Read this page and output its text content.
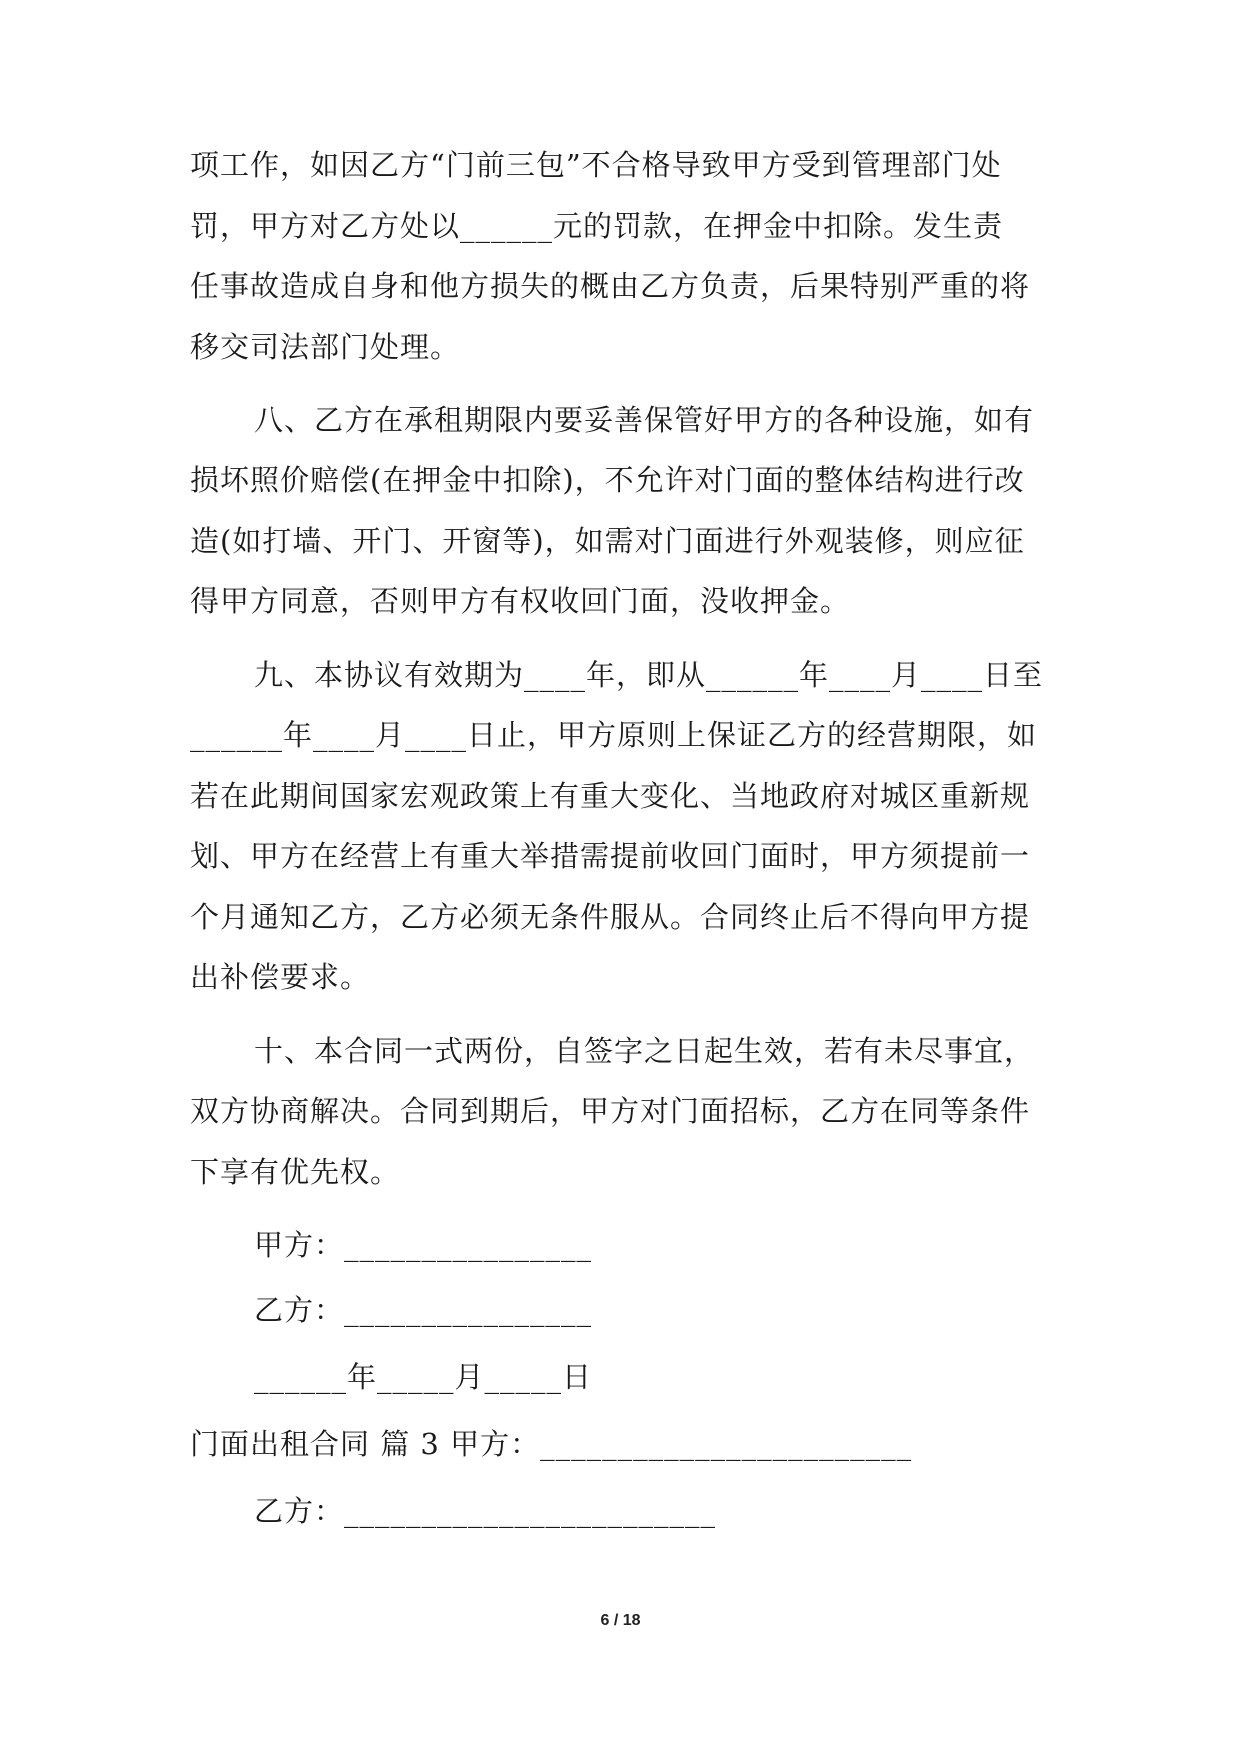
项工作，如因乙方“门前三包”不合格导致甲方受到管理部门处
罚，甲方对乙方处以______元的罚款，在押金中扣除。发生责
任事故造成自身和他方损失的概由乙方负责，后果特别严重的将
移交司法部门处理。
八、乙方在承租期限内要妥善保管好甲方的各种设施，如有
损坏照价赔偿(在押金中扣除)，不允许对门面的整体结构进行改
造(如打墙、开门、开窗等)，如需对门面进行外观装修，则应征
得甲方同意，否则甲方有权收回门面，没收押金。
九、本协议有效期为____年，即从______年____月____日至
______年____月____日止，甲方原则上保证乙方的经营期限，如
若在此期间国家宏观政策上有重大变化、当地政府对城区重新规
划、甲方在经营上有重大举措需提前收回门面时，甲方须提前一
个月通知乙方，乙方必须无条件服从。合同终止后不得向甲方提
出补偿要求。
十、本合同一式两份，自签字之日起生效，若有未尽事宜，
双方协商解决。合同到期后，甲方对门面招标，乙方在同等条件
下享有优先权。
甲方：________________
乙方：________________
______年_____月_____日
门面出租合同 篇 3 甲方：________________________
乙方：________________________
6 / 18
